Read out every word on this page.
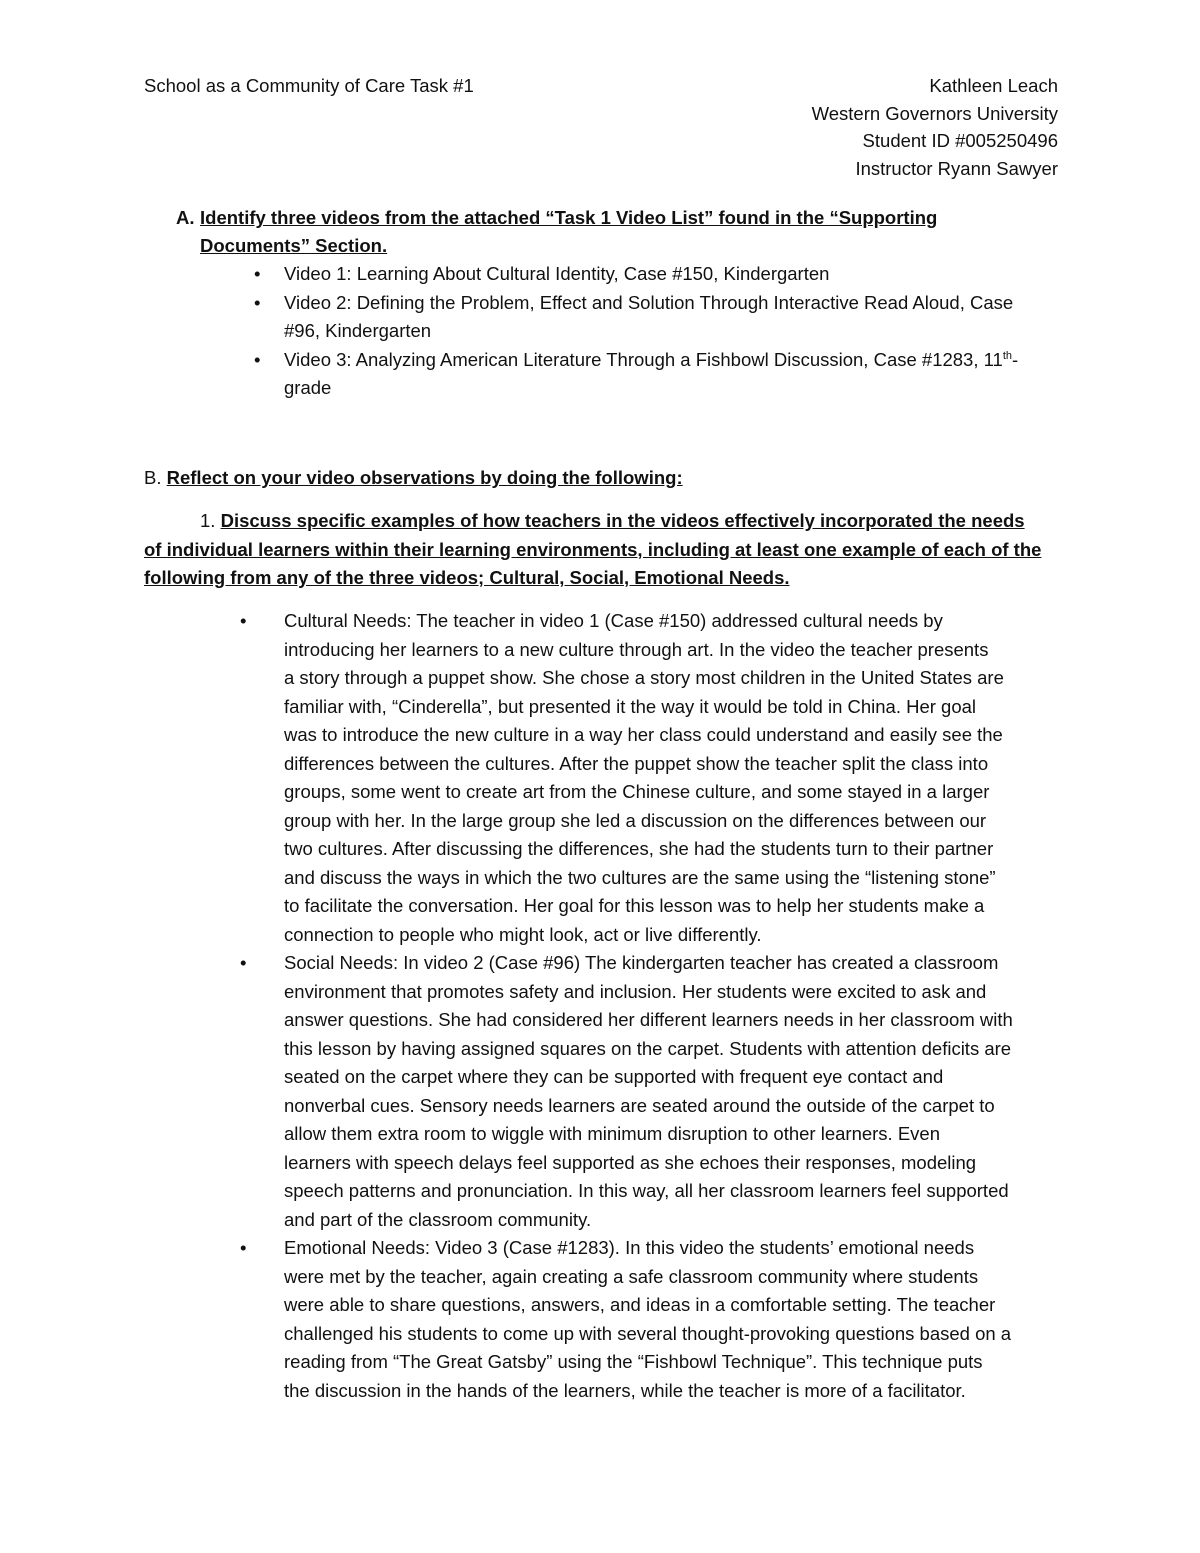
School as a Community of Care Task #1	Kathleen Leach
Western Governors University
Student ID #005250496
Instructor Ryann Sawyer
A. Identify three videos from the attached “Task 1 Video List” found in the “Supporting
Documents” Section.
• Video 1: Learning About Cultural Identity, Case #150, Kindergarten
• Video 2: Defining the Problem, Effect and Solution Through Interactive Read Aloud, Case
#96, Kindergarten
• Video 3: Analyzing American Literature Through a Fishbowl Discussion, Case #1283, 11th-
grade
B. Reflect on your video observations by doing the following:
1. Discuss specific examples of how teachers in the videos effectively incorporated the needs
of individual learners within their learning environments, including at least one example of each of the
following from any of the three videos; Cultural, Social, Emotional Needs.
• Cultural Needs: The teacher in video 1 (Case #150) addressed cultural needs by
introducing her learners to a new culture through art. In the video the teacher presents
a story through a puppet show. She chose a story most children in the United States are
familiar with, “Cinderella”, but presented it the way it would be told in China. Her goal
was to introduce the new culture in a way her class could understand and easily see the
differences between the cultures. After the puppet show the teacher split the class into
groups, some went to create art from the Chinese culture, and some stayed in a larger
group with her. In the large group she led a discussion on the differences between our
two cultures. After discussing the differences, she had the students turn to their partner
and discuss the ways in which the two cultures are the same using the “listening stone”
to facilitate the conversation. Her goal for this lesson was to help her students make a
connection to people who might look, act or live differently.
• Social Needs: In video 2 (Case #96) The kindergarten teacher has created a classroom
environment that promotes safety and inclusion. Her students were excited to ask and
answer questions. She had considered her different learners needs in her classroom with
this lesson by having assigned squares on the carpet. Students with attention deficits are
seated on the carpet where they can be supported with frequent eye contact and
nonverbal cues. Sensory needs learners are seated around the outside of the carpet to
allow them extra room to wiggle with minimum disruption to other learners. Even
learners with speech delays feel supported as she echoes their responses, modeling
speech patterns and pronunciation. In this way, all her classroom learners feel supported
and part of the classroom community.
• Emotional Needs: Video 3 (Case #1283). In this video the students’ emotional needs
were met by the teacher, again creating a safe classroom community where students
were able to share questions, answers, and ideas in a comfortable setting. The teacher
challenged his students to come up with several thought-provoking questions based on a
reading from “The Great Gatsby” using the “Fishbowl Technique”. This technique puts
the discussion in the hands of the learners, while the teacher is more of a facilitator.
